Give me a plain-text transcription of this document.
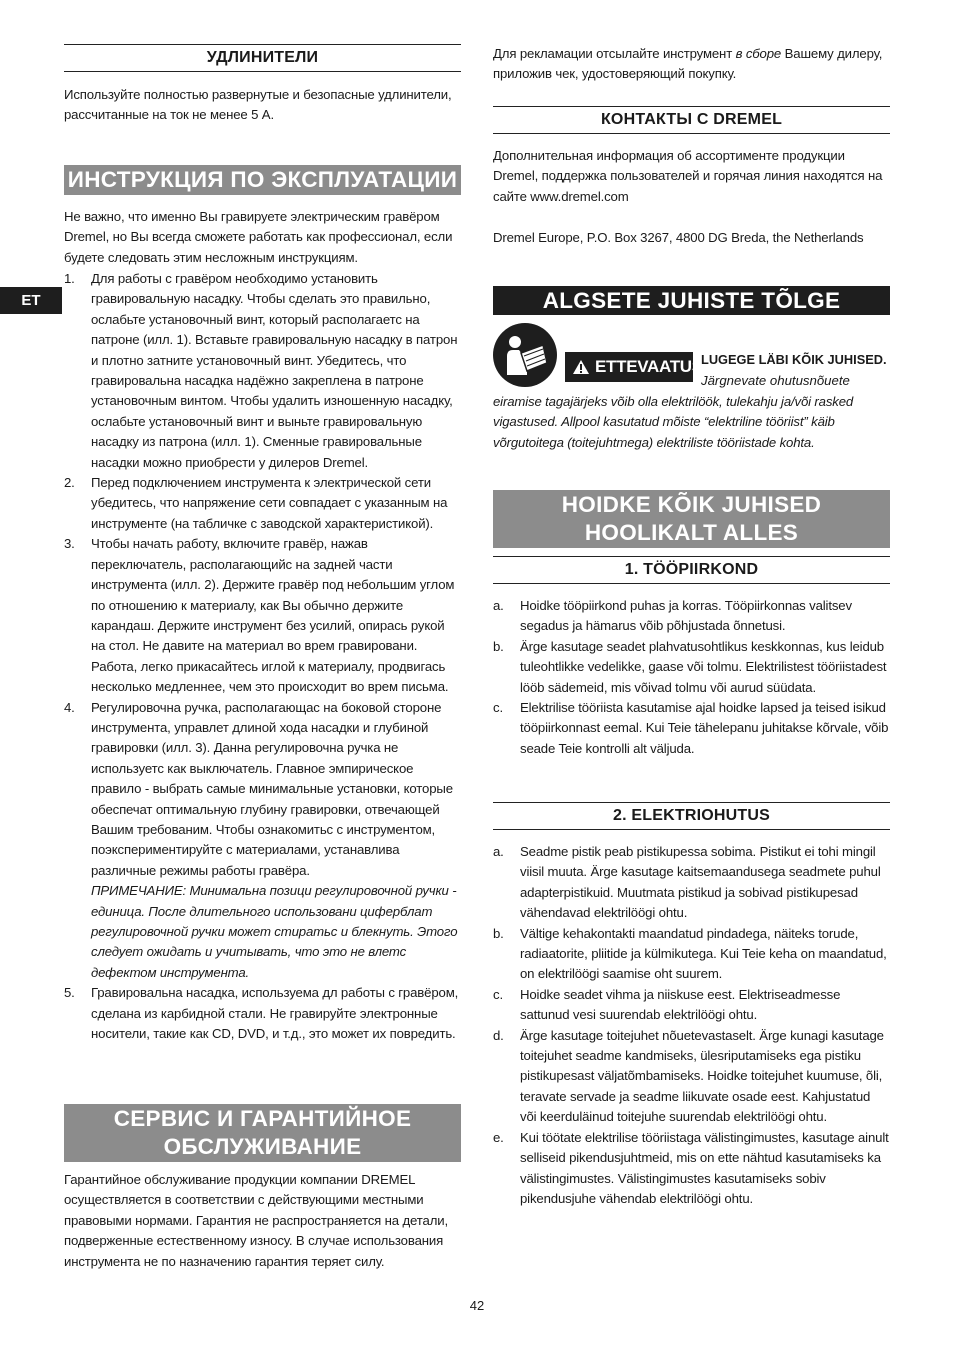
ET
УДЛИНИТЕЛИ

Используйте полностью развернутые и безопасные удлинители, рассчитанные на ток не менее 5 А.

ИНСТРУКЦИЯ ПО ЭКСПЛУАТАЦИИ

Не важно, что именно Вы гравируете электрическим гравёром Dremel, но Вы всегда сможете работать как профессионал, если будете следовать этим несложным инструкциям.

1. Для работы с гравёром необходимо установить гравировальную насадку. Чтобы сделать это правильно, ослабьте установочный винт, который располагаетс на патроне (илл. 1). Вставьте гравировальную насадку в патрон и плотно затните установочный винт. Убедитесь, что гравировальна насадка надёжно закреплена в патроне установочным винтом. Чтобы удалить изношенную насадку, ослабьте установочный винт и выньте гравировальную насадку из патрона (илл. 1). Сменные гравировальные насадки можно приобрести у дилеров Dremel.
2. Перед подключением инструмента к электрической сети убедитесь, что напряжение сети совпадает с указанным на инструменте (на табличке с заводской характеристикой).
3. Чтобы начать работу, включите гравёр, нажав переключатель, располагающийс на задней части инструмента (илл. 2). Держите гравёр под небольшим углом по отношению к материалу, как Вы обычно держите карандаш. Держите инструмент без усилий, опирась рукой на стол. Не давите на материал во врем гравировани. Работа, легко прикасайтесь иглой к материалу, продвигась несколько медленнее, чем это происходит во врем письма.
4. Регулировочна ручка, располагающас на боковой стороне инструмента, управлет длиной хода насадки и глубиной гравировки (илл. 3). Данна регулировочна ручка не используетс как выключатель. Главное эмпирическое правило - выбрать самые минимальные установки, которые обеспечат оптимальную глубину гравировки, отвечающей Вашим требованим. Чтобы ознакомитьс с инструментом, поэкспериментируйте с материалами, устанавлива различные режимы работы гравёра.
ПРИМЕЧАНИЕ: Минимальна позици регулировочной ручки - единица. После длительного использовани циферблат регулировочной ручки может стиратьс и блекнуть. Этого следует ожидать и учитывать, что это не влетс дефектом инструмента.
5. Гравировальна насадка, используема дл работы с гравёром, сделана из карбидной стали. Не гравируйте электронные носители, такие как CD, DVD, и т.д., это может их повредить.
СЕРВИС И ГАРАНТИЙНОЕ
ОБСЛУЖИВАНИЕ

Гарантийное обслуживание продукции компании DREMEL осуществляется в соответствии с действующими местными правовыми нормами. Гарантия не распространяется на детали, подверженные естественному износу. В случае использования инструмента не по назначению гарантия теряет силу.

Для рекламации отсылайте инструмент в сборе Вашему дилеру, приложив чек, удостоверяющий покупку.

КОНТАКТЫ С DREMEL

Дополнительная информация об ассортименте продукции Dremel, поддержка пользователей и горячая линия находятся на сайте www.dremel.com

Dremel Europe, P.O. Box 3267, 4800 DG Breda, the Netherlands

ALGSETE JUHISTE TÕLGE
ETTEVAATUST
LUGEGE LÄBI KÕIK JUHISED.
Järgnevate ohutusnõuete

eiramise tagajärjeks võib olla elektrilöök, tulekahju ja/või rasked vigastused. Allpool kasutatud mõiste “elektriline tööriist” käib võrgutoitega (toitejuhtmega) elektriliste tööriistade kohta.

HOIDKE KÕIK JUHISED
HOOLIKALT ALLES
1. TÖÖPIIRKOND
a. Hoidke tööpiirkond puhas ja korras. Tööpiirkonnas valitsev segadus ja hämarus võib põhjustada õnnetusi.
b. Ärge kasutage seadet plahvatusohtlikus keskkonnas, kus leidub tuleohtlikke vedelikke, gaase või tolmu. Elektrilistest tööriistadest lööb sädemeid, mis võivad tolmu või aurud süüdata.
c. Elektrilise tööriista kasutamise ajal hoidke lapsed ja teised isikud tööpiirkonnast eemal. Kui Teie tähelepanu juhitakse kõrvale, võib seade Teie kontrolli alt väljuda.
2. ELEKTRIOHUTUS
a. Seadme pistik peab pistikupessa sobima. Pistikut ei tohi mingil viisil muuta. Ärge kasutage kaitsemaandusega seadmete puhul adapterpistikuid. Muutmata pistikud ja sobivad pistikupesad vähendavad elektrilöögi ohtu.
b. Vältige kehakontakti maandatud pindadega, näiteks torude, radiaatorite, pliitide ja külmikutega. Kui Teie keha on maandatud, on elektrilöögi saamise oht suurem.
c. Hoidke seadet vihma ja niiskuse eest. Elektriseadmesse sattunud vesi suurendab elektrilöögi ohtu.
d. Ärge kasutage toitejuhet nõuetevastaselt. Ärge kunagi kasutage toitejuhet seadme kandmiseks, ülesriputamiseks ega pistiku pistikupesast väljatõmbamiseks. Hoidke toitejuhet kuumuse, õli, teravate servade ja seadme liikuvate osade eest. Kahjustatud või keerduläinud toitejuhe suurendab elektrilöögi ohtu.
e. Kui töötate elektrilise tööriistaga välistingimustes, kasutage ainult selliseid pikendusjuhtmeid, mis on ette nähtud kasutamiseks ka välistingimustes. Välistingimustes kasutamiseks sobiv pikendusjuhe vähendab elektrilöögi ohtu.
42
